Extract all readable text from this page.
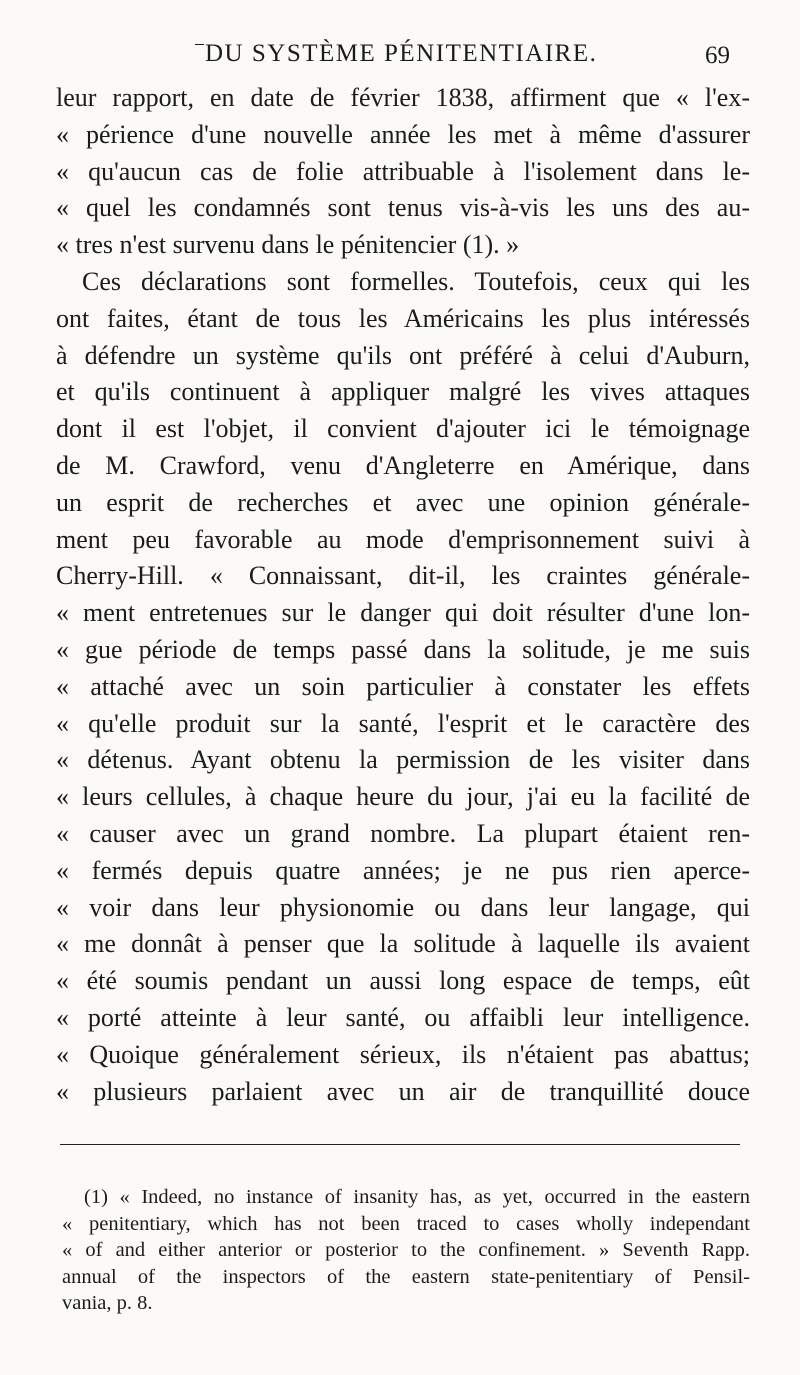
DU SYSTÈME PÉNITENTIAIRE.	69
leur rapport, en date de février 1838, affirment que « l'ex-
« périence d'une nouvelle année les met à même d'assurer
« qu'aucun cas de folie attribuable à l'isolement dans le-
« quel les condamnés sont tenus vis-à-vis les uns des au-
« tres n'est survenu dans le pénitencier (1). »
Ces déclarations sont formelles. Toutefois, ceux qui les
ont faites, étant de tous les Américains les plus intéressés
à défendre un système qu'ils ont préféré à celui d'Auburn,
et qu'ils continuent à appliquer malgré les vives attaques
dont il est l'objet, il convient d'ajouter ici le témoignage
de M. Crawford, venu d'Angleterre en Amérique, dans
un esprit de recherches et avec une opinion générale-
ment peu favorable au mode d'emprisonnement suivi à
Cherry-Hill. « Connaissant, dit-il, les craintes générale-
« ment entretenues sur le danger qui doit résulter d'une lon-
« gue période de temps passé dans la solitude, je me suis
« attaché avec un soin particulier à constater les effets
« qu'elle produit sur la santé, l'esprit et le caractère des
« détenus. Ayant obtenu la permission de les visiter dans
« leurs cellules, à chaque heure du jour, j'ai eu la facilité de
« causer avec un grand nombre. La plupart étaient ren-
« fermés depuis quatre années; je ne pus rien aperce-
« voir dans leur physionomie ou dans leur langage, qui
« me donnât à penser que la solitude à laquelle ils avaient
« été soumis pendant un aussi long espace de temps, eût
« porté atteinte à leur santé, ou affaibli leur intelligence.
« Quoique généralement sérieux, ils n'étaient pas abattus;
« plusieurs parlaient avec un air de tranquillité douce
(1) « Indeed, no instance of insanity has, as yet, occurred in the eastern
« penitentiary, which has not been traced to cases wholly independant
« of and either anterior or posterior to the confinement. » Seventh Rapp.
annual of the inspectors of the eastern state-penitentiary of Pensil-
vania, p. 8.
